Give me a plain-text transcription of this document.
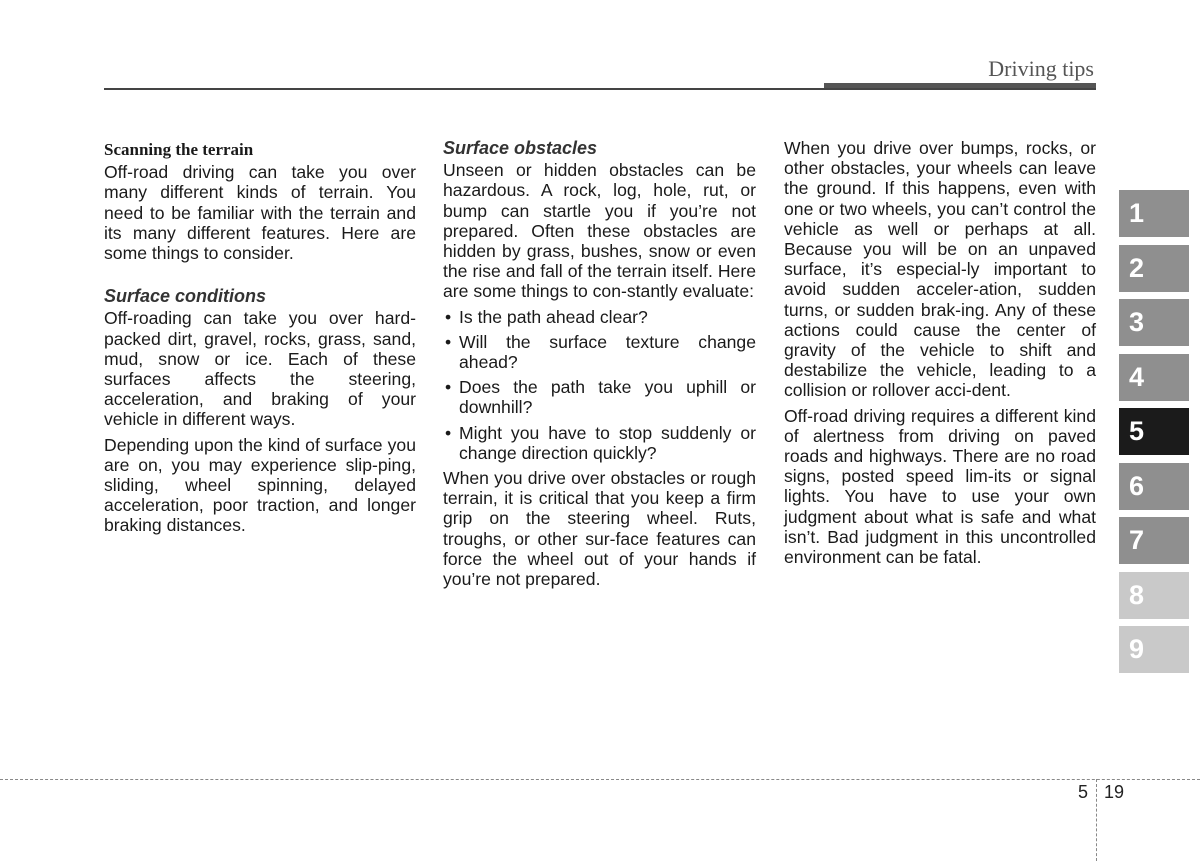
Driving tips
Scanning the terrain

Off-road driving can take you over many different kinds of terrain. You need to be familiar with the terrain and its many different features. Here are some things to consider.

Surface conditions

Off-roading can take you over hard-packed dirt, gravel, rocks, grass, sand, mud, snow or ice. Each of these surfaces affects the steering, acceleration, and braking of your vehicle in different ways.

Depending upon the kind of surface you are on, you may experience slip-ping, sliding, wheel spinning, delayed acceleration, poor traction, and longer braking distances.

Surface obstacles

Unseen or hidden obstacles can be hazardous. A rock, log, hole, rut, or bump can startle you if you’re not prepared. Often these obstacles are hidden by grass, bushes, snow or even the rise and fall of the terrain itself. Here are some things to con-stantly evaluate:

• Is the path ahead clear?
• Will the surface texture change ahead?
• Does the path take you uphill or downhill?
• Might you have to stop suddenly or change direction quickly?

When you drive over obstacles or rough terrain, it is critical that you keep a firm grip on the steering wheel. Ruts, troughs, or other sur-face features can force the wheel out of your hands if you’re not prepared.

When you drive over bumps, rocks, or other obstacles, your wheels can leave the ground. If this happens, even with one or two wheels, you can’t control the vehicle as well or perhaps at all. Because you will be on an unpaved surface, it’s especial-ly important to avoid sudden acceler-ation, sudden turns, or sudden brak-ing. Any of these actions could cause the center of gravity of the vehicle to shift and destabilize the vehicle, leading to a collision or rollover acci-dent.

Off-road driving requires a different kind of alertness from driving on paved roads and highways. There are no road signs, posted speed lim-its or signal lights. You have to use your own judgment about what is safe and what isn’t. Bad judgment in this uncontrolled environment can be fatal.

1
2
3
4
5
6
7
8
9
5 19
